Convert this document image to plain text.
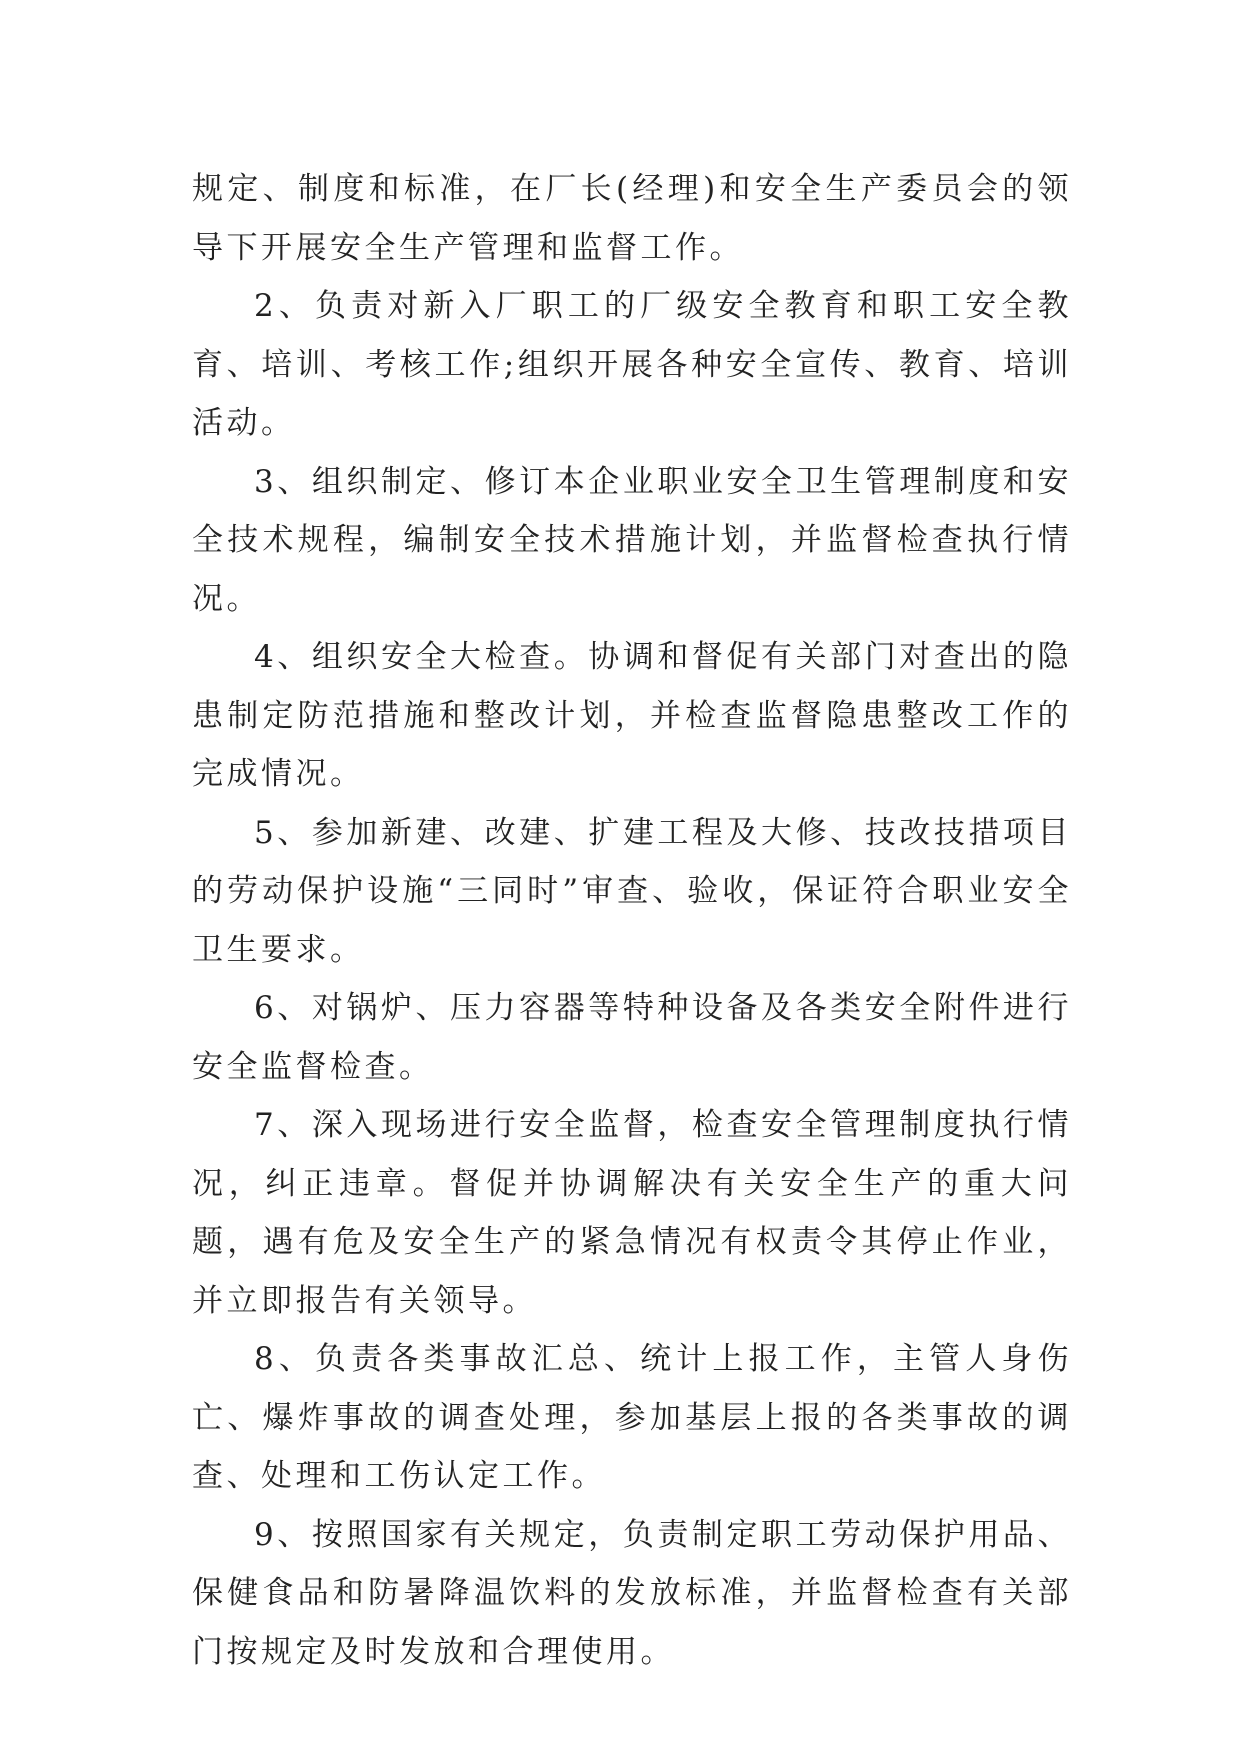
规定、制度和标准，在厂长(经理)和安全生产委员会的领导下开展安全生产管理和监督工作。

2、负责对新入厂职工的厂级安全教育和职工安全教育、培训、考核工作;组织开展各种安全宣传、教育、培训活动。

3、组织制定、修订本企业职业安全卫生管理制度和安全技术规程，编制安全技术措施计划，并监督检查执行情况。

4、组织安全大检查。协调和督促有关部门对查出的隐患制定防范措施和整改计划，并检查监督隐患整改工作的完成情况。

5、参加新建、改建、扩建工程及大修、技改技措项目的劳动保护设施“三同时”审查、验收，保证符合职业安全卫生要求。

6、对锅炉、压力容器等特种设备及各类安全附件进行安全监督检查。

7、深入现场进行安全监督，检查安全管理制度执行情况，纠正违章。督促并协调解决有关安全生产的重大问题，遇有危及安全生产的紧急情况有权责令其停止作业，并立即报告有关领导。

8、负责各类事故汇总、统计上报工作，主管人身伤亡、爆炸事故的调查处理，参加基层上报的各类事故的调查、处理和工伤认定工作。

9、按照国家有关规定，负责制定职工劳动保护用品、保健食品和防暑降温饮料的发放标准，并监督检查有关部门按规定及时发放和合理使用。
